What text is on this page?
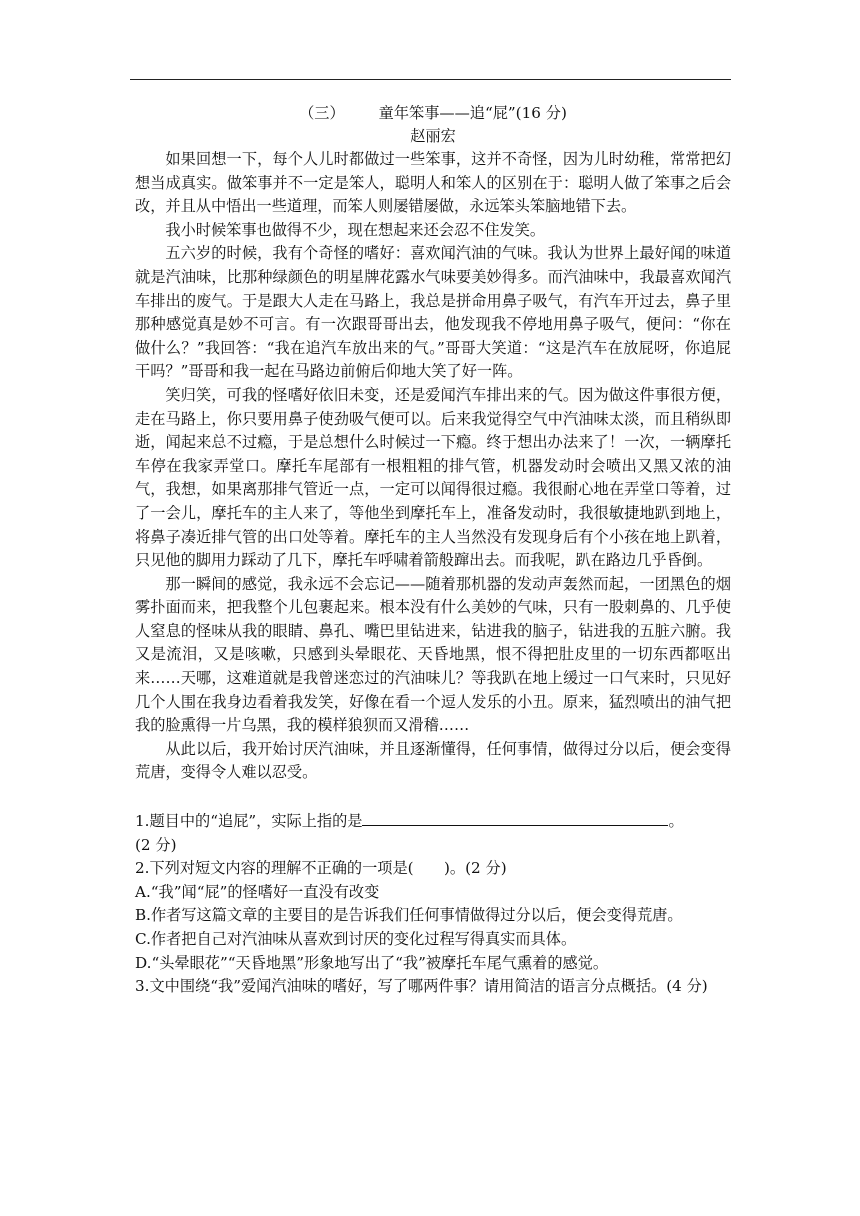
（三） 童年笨事——追“屁”(16 分)
赵丽宏

如果回想一下，每个人儿时都做过一些笨事，这并不奇怪，因为儿时幼稚，常常把幻想当成真实。做笨事并不一定是笨人，聪明人和笨人的区别在于：聪明人做了笨事之后会改，并且从中悟出一些道理，而笨人则屡错屡做，永远笨头笨脑地错下去。

我小时候笨事也做得不少，现在想起来还会忍不住发笑。

五六岁的时候，我有个奇怪的嗜好：喜欢闻汽油的气味。我认为世界上最好闻的味道就是汽油味，比那种绿颜色的明星牌花露水气味要美妙得多。而汽油味中，我最喜欢闻汽车排出的废气。于是跟大人走在马路上，我总是拼命用鼻子吸气，有汽车开过去，鼻子里那种感觉真是妙不可言。有一次跟哥哥出去，他发现我不停地用鼻子吸气，便问：“你在做什么？”我回答：“我在追汽车放出来的气。”哥哥大笑道：“这是汽车在放屁呀，你追屁干吗？”哥哥和我一起在马路边前俯后仰地大笑了好一阵。

笑归笑，可我的怪嗜好依旧未变，还是爱闻汽车排出来的气。因为做这件事很方便，走在马路上，你只要用鼻子使劲吸气便可以。后来我觉得空气中汽油味太淡，而且稍纵即逝，闻起来总不过瘾，于是总想什么时候过一下瘾。终于想出办法来了！一次，一辆摩托车停在我家弄堂口。摩托车尾部有一根粗粗的排气管，机器发动时会喷出又黑又浓的油气，我想，如果离那排气管近一点，一定可以闻得很过瘾。我很耐心地在弄堂口等着，过了一会儿，摩托车的主人来了，等他坐到摩托车上，准备发动时，我很敏捷地趴到地上，将鼻子凑近排气管的出口处等着。摩托车的主人当然没有发现身后有个小孩在地上趴着，只见他的脚用力踩动了几下，摩托车呼啸着箭般蹿出去。而我呢，趴在路边几乎昏倒。

那一瞬间的感觉，我永远不会忘记——随着那机器的发动声轰然而起，一团黑色的烟雾扑面而来，把我整个儿包裹起来。根本没有什么美妙的气味，只有一股刺鼻的、几乎使人窒息的怪味从我的眼睛、鼻孔、嘴巴里钻进来，钻进我的脑子，钻进我的五脏六腑。我又是流泪，又是咳嗽，只感到头晕眼花、天昏地黑，恨不得把肚皮里的一切东西都呕出来……天哪，这难道就是我曾迷恋过的汽油味儿？等我趴在地上缓过一口气来时，只见好几个人围在我身边看着我发笑，好像在看一个逗人发乐的小丑。原来，猛烈喷出的油气把我的脸熏得一片乌黑，我的模样狼狈而又滑稽……

从此以后，我开始讨厌汽油味，并且逐渐懂得，任何事情，做得过分以后，便会变得荒唐，变得令人难以忍受。

1.题目中的“追屁”，实际上指的是	。

(2 分)

2.下列对短文内容的理解不正确的一项是( )。(2 分)

A.“我”闻“屁”的怪嗜好一直没有改变

B.作者写这篇文章的主要目的是告诉我们任何事情做得过分以后，便会变得荒唐。

C.作者把自己对汽油味从喜欢到讨厌的变化过程写得真实而具体。

D.“头晕眼花”“天昏地黑”形象地写出了“我”被摩托车尾气熏着的感觉。

3.文中围绕“我”爱闻汽油味的嗜好，写了哪两件事？请用简洁的语言分点概括。(4 分)
